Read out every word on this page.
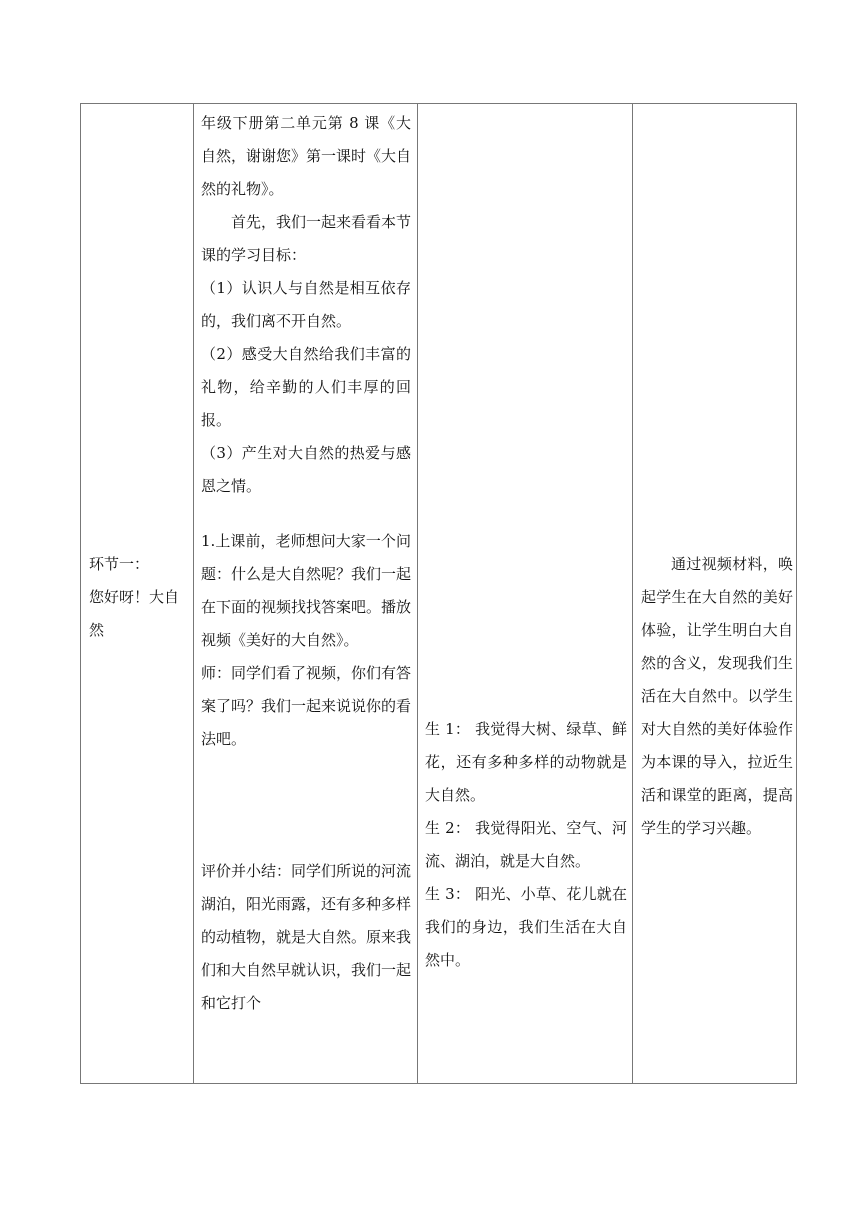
环节一：

您好呀！大自然

年级下册第二单元第 8 课《大自然，谢谢您》第一课时《大自然的礼物》。

首先，我们一起来看看本节课的学习目标：

（1）认识人与自然是相互依存的，我们离不开自然。

（2）感受大自然给我们丰富的礼物，给辛勤的人们丰厚的回报。

（3）产生对大自然的热爱与感恩之情。

1.上课前，老师想问大家一个问题：什么是大自然呢？我们一起在下面的视频找找答案吧。播放视频《美好的大自然》。

师：同学们看了视频，你们有答案了吗？我们一起来说说你的看法吧。

评价并小结：同学们所说的河流湖泊，阳光雨露，还有多种多样的动植物，就是大自然。原来我们和大自然早就认识，我们一起和它打个

生 1： 我觉得大树、绿草、鲜花，还有多种多样的动物就是大自然。

生 2： 我觉得阳光、空气、河流、湖泊，就是大自然。

生 3： 阳光、小草、花儿就在我们的身边，我们生活在大自然中。

通过视频材料，唤起学生在大自然的美好体验，让学生明白大自然的含义，发现我们生活在大自然中。以学生对大自然的美好体验作为本课的导入，拉近生活和课堂的距离，提高学生的学习兴趣。
